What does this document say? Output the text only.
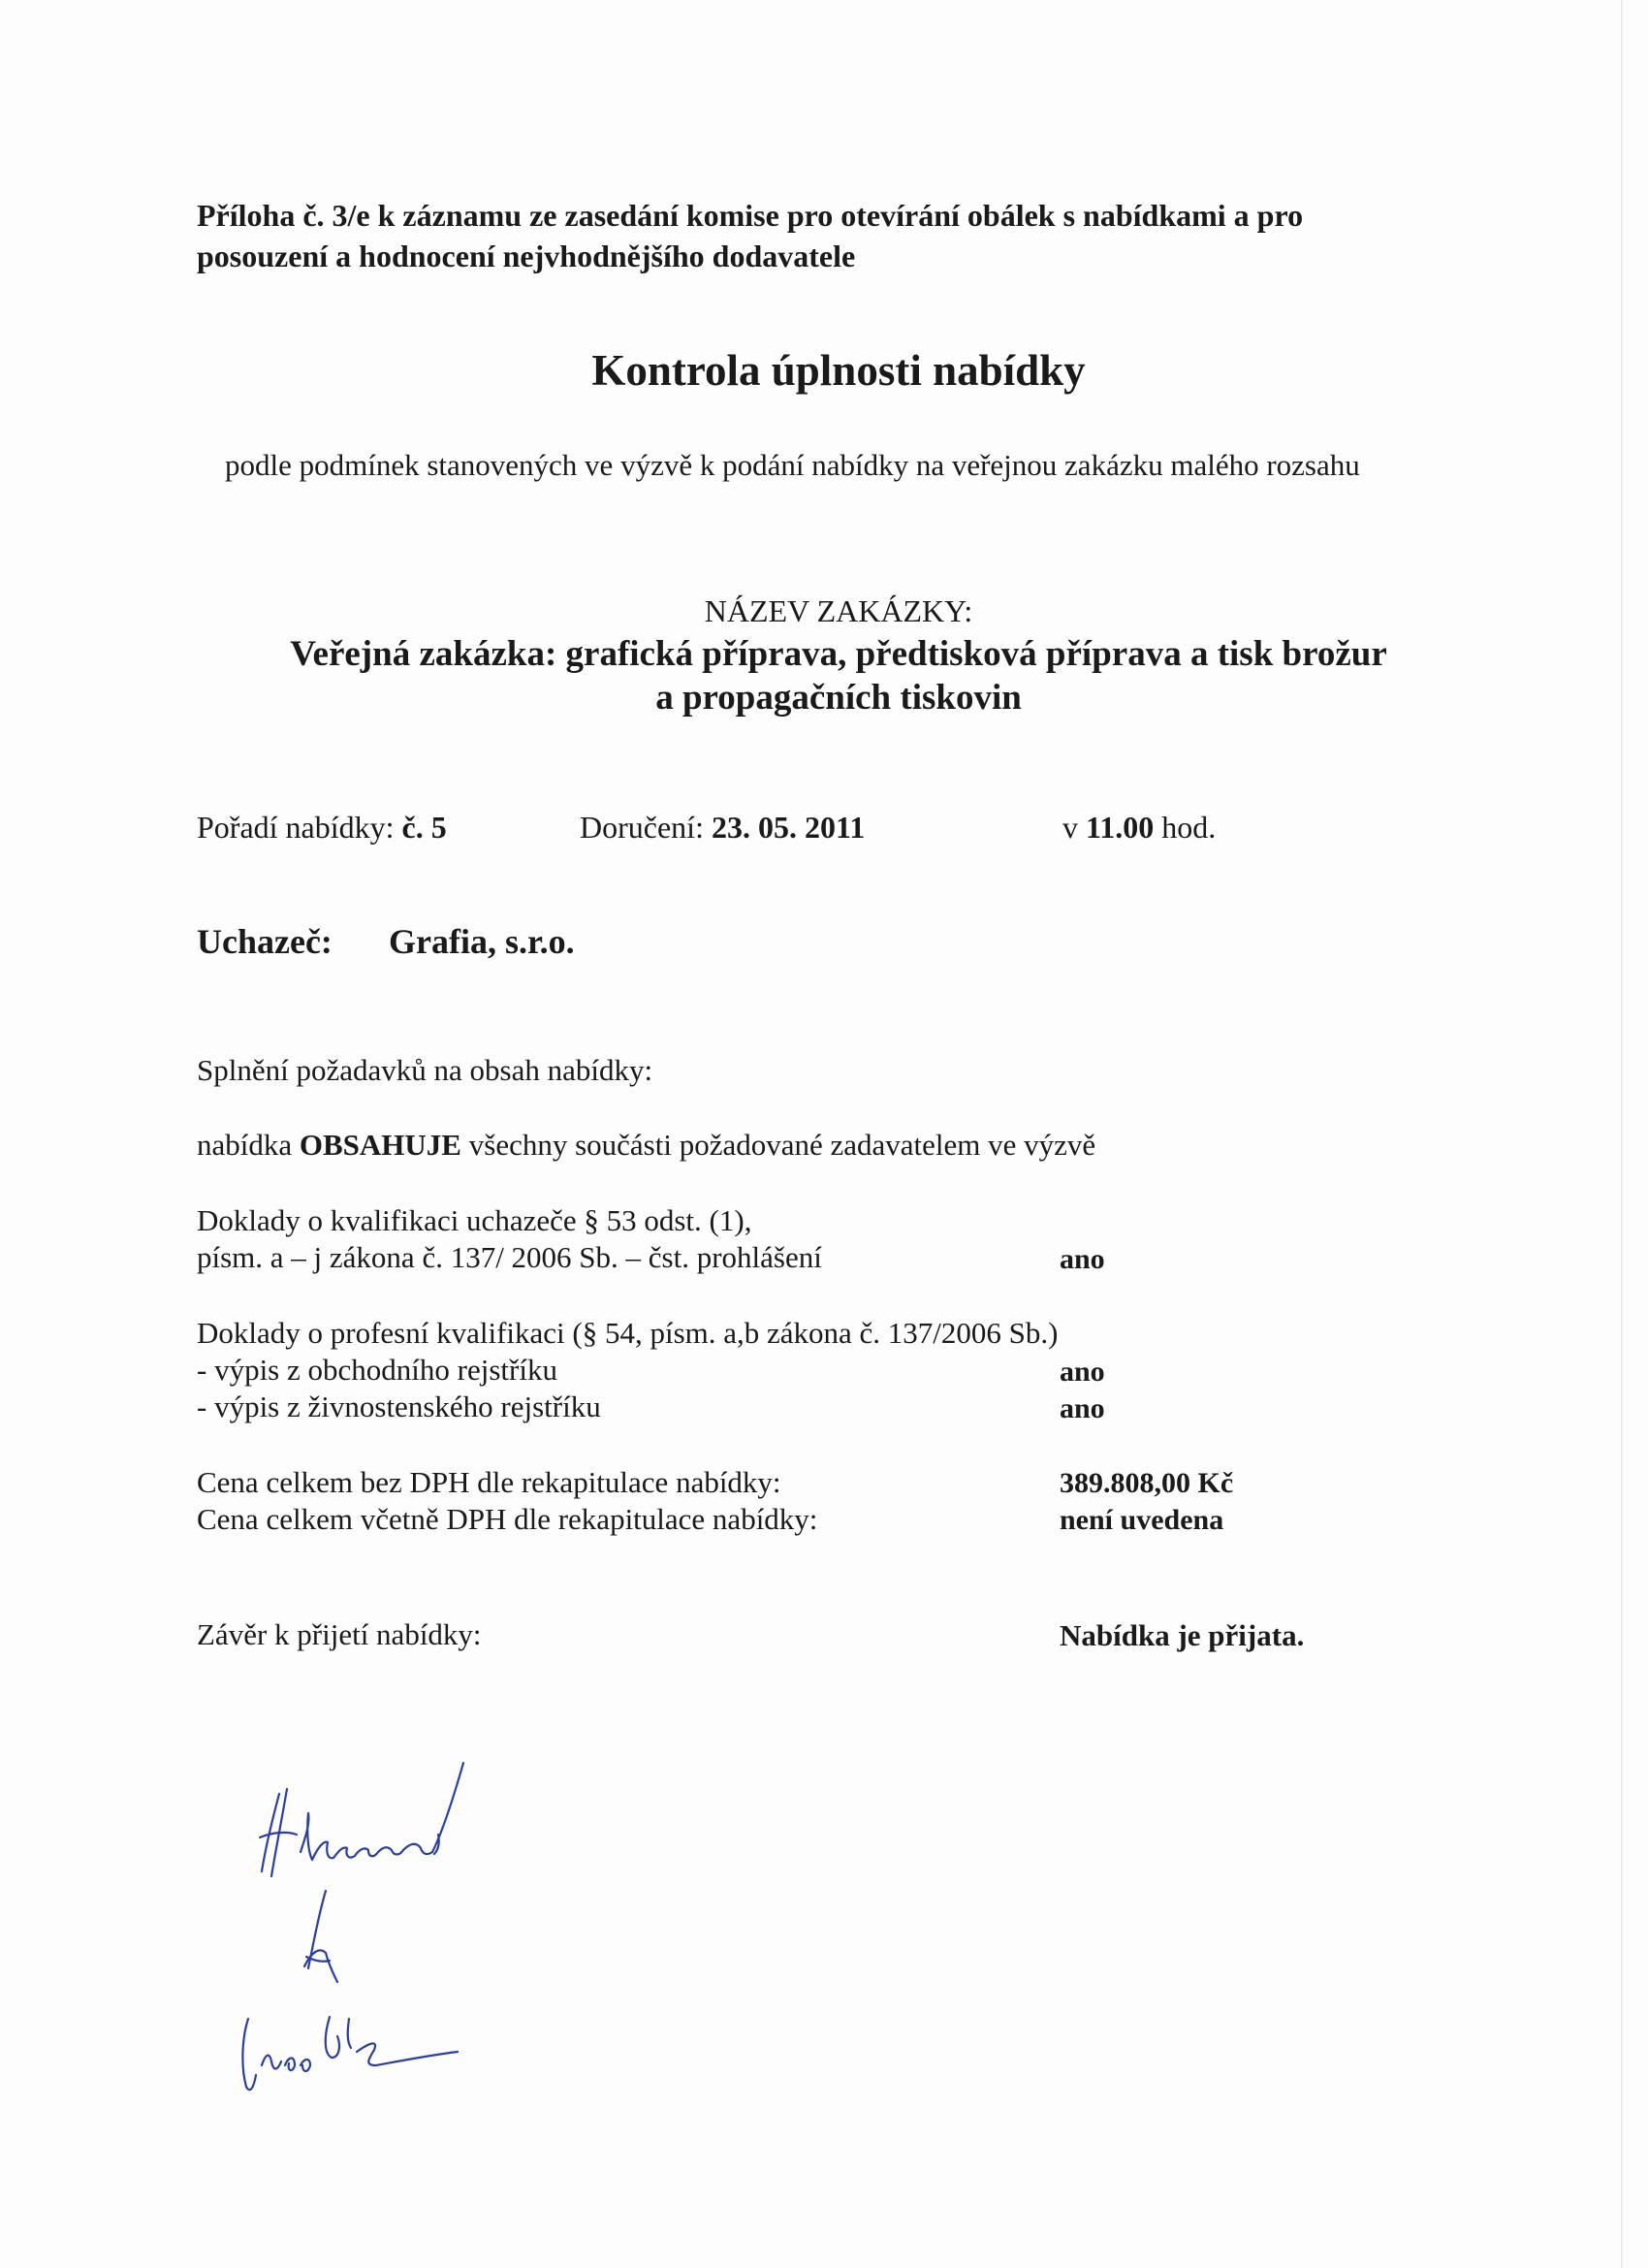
Příloha č. 3/e k záznamu ze zasedání komise pro otevírání obálek s nabídkami a pro
posouzení a hodnocení nejvhodnějšího dodavatele
Kontrola úplnosti nabídky
podle podmínek stanovených ve výzvě k podání nabídky na veřejnou zakázku malého rozsahu
NÁZEV ZAKÁZKY:
Veřejná zakázka: grafická příprava, předtisková příprava a tisk brožur
a propagačních tiskovin
Pořadí nabídky: č. 5	Doručení: 23. 05. 2011	v 11.00 hod.
Uchazeč: Grafia, s.r.o.
Splnění požadavků na obsah nabídky:
nabídka OBSAHUJE všechny součásti požadované zadavatelem ve výzvě
Doklady o kvalifikaci uchazeče § 53 odst. (1),
písm. a – j zákona č. 137/ 2006 Sb. – čst. prohlášení	ano
Doklady o profesní kvalifikaci (§ 54, písm. a,b zákona č. 137/2006 Sb.)
- výpis z obchodního rejstříku	ano
- výpis z živnostenského rejstříku	ano
Cena celkem bez DPH dle rekapitulace nabídky:	389.808,00 Kč
Cena celkem včetně DPH dle rekapitulace nabídky:	není uvedena
Závěr k přijetí nabídky:	Nabídka je přijata.
